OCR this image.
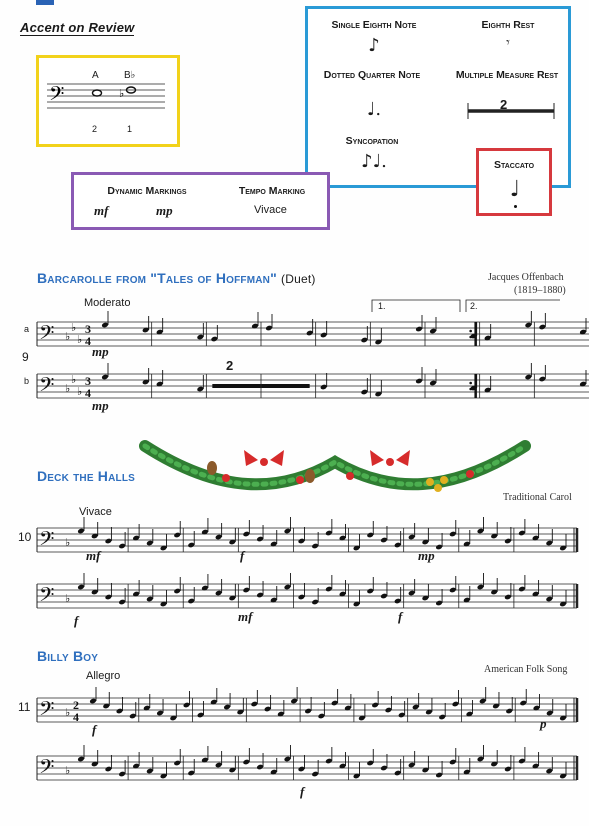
Accent on Review
A	B♭
𝄢	♭
2	1
Single Eighth Note
♪
Eighth Rest
𝄾
Dotted Quarter Note
♩.
Multiple Measure Rest
2
Syncopation
♪♩.	Staccato
♩
Dynamic Markings
mf	mp
Tempo Marking
Vivace
Barcarolle from "Tales of Hoffman" (Duet)	Jacques Offenbach
(1819–1880)
Moderato
a
9
b
1.	2.
𝄢 ♭
♭
♭
3
4
mp
𝄢 ♭
♭
♭
3
4
2
mp
Deck the Halls
Traditional Carol
Vivace
10 𝄢 ♭
mf	f	mp
𝄢 ♭
f	mf	f
Billy Boy
American Folk Song
Allegro
11 𝄢 ♭
2
4
f	p
𝄢 ♭
f
